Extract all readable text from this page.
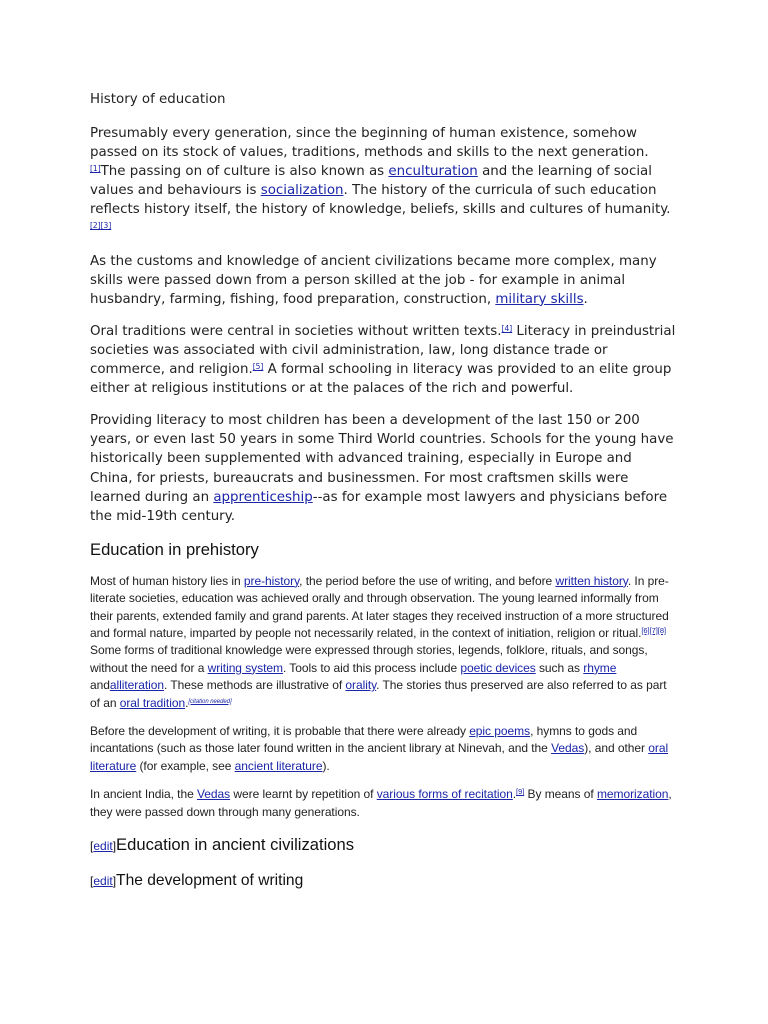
History of education

Presumably every generation, since the beginning of human existence, somehow passed on its stock of values, traditions, methods and skills to the next generation. [1]The passing on of culture is also known as enculturation and the learning of social values and behaviours is socialization. The history of the curricula of such education reflects history itself, the history of knowledge, beliefs, skills and cultures of humanity.[2][3]

As the customs and knowledge of ancient civilizations became more complex, many skills were passed down from a person skilled at the job - for example in animal husbandry, farming, fishing, food preparation, construction, military skills.

Oral traditions were central in societies without written texts.[4] Literacy in preindustrial societies was associated with civil administration, law, long distance trade or commerce, and religion.[5] A formal schooling in literacy was provided to an elite group either at religious institutions or at the palaces of the rich and powerful.

Providing literacy to most children has been a development of the last 150 or 200 years, or even last 50 years in some Third World countries. Schools for the young have historically been supplemented with advanced training, especially in Europe and China, for priests, bureaucrats and businessmen. For most craftsmen skills were learned during an apprenticeship--as for example most lawyers and physicians before the mid-19th century.

Education in prehistory

Most of human history lies in pre-history, the period before the use of writing, and before written history. In pre-literate societies, education was achieved orally and through observation. The young learned informally from their parents, extended family and grand parents. At later stages they received instruction of a more structured and formal nature, imparted by people not necessarily related, in the context of initiation, religion or ritual.[6][7][8] Some forms of traditional knowledge were expressed through stories, legends, folklore, rituals, and songs, without the need for a writing system. Tools to aid this process include poetic devices such as rhyme andalliteration. These methods are illustrative of orality. The stories thus preserved are also referred to as part of an oral tradition.[citation needed]

Before the development of writing, it is probable that there were already epic poems, hymns to gods and incantations (such as those later found written in the ancient library at Ninevah, and the Vedas), and other oral literature (for example, see ancient literature).

In ancient India, the Vedas were learnt by repetition of various forms of recitation.[9] By means of memorization, they were passed down through many generations.

[edit]Education in ancient civilizations
[edit]The development of writing
